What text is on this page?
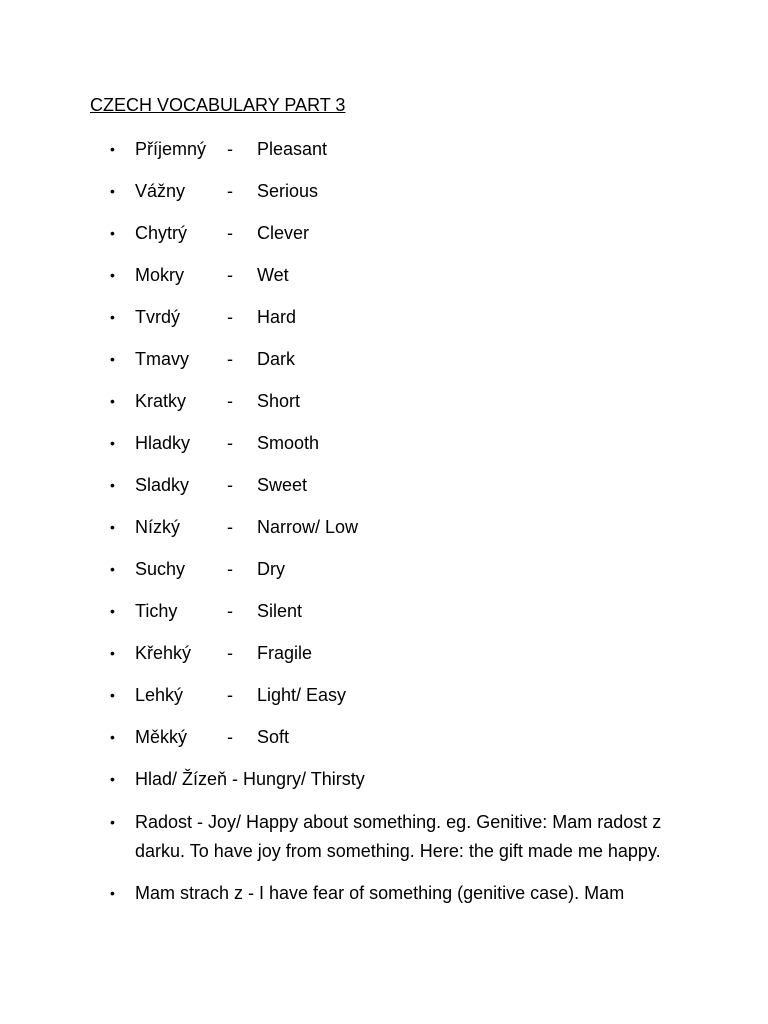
CZECH VOCABULARY PART 3
• Příjemný - Pleasant
• Vážny - Serious
• Chytrý - Clever
• Mokry - Wet
• Tvrdý	- Hard
• Tmavy - Dark
• Kratky - Short
• Hladky - Smooth
• Sladky - Sweet
• Nízký	- Narrow/ Low
• Suchy - Dry
• Tichy	- Silent
• Křehký - Fragile
• Lehký - Light/ Easy
• Měkký - Soft
• Hlad/ Žízeň - Hungry/ Thirsty
• Radost - Joy/ Happy about something. eg. Genitive: Mam radost z darku. To have joy from something. Here: the gift made me happy.
• Mam strach z - I have fear of something (genitive case). Mam
